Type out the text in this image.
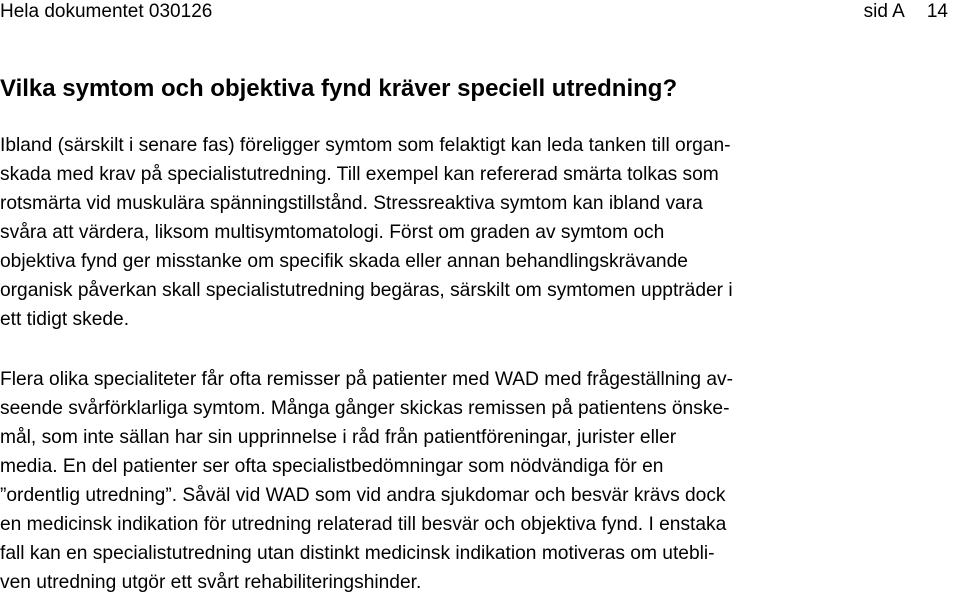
Hela dokumentet 030126	sid A 14
Vilka symtom och objektiva fynd kräver speciell utredning?

Ibland (särskilt i senare fas) föreligger symtom som felaktigt kan leda tanken till organ-
skada med krav på specialistutredning. Till exempel kan refererad smärta tolkas som
rotsmärta vid muskulära spänningstillstånd. Stressreaktiva symtom kan ibland vara
svåra att värdera, liksom multisymtomatologi. Först om graden av symtom och
objektiva fynd ger misstanke om specifik skada eller annan behandlingskrävande
organisk påverkan skall specialistutredning begäras, särskilt om symtomen uppträder i
ett tidigt skede.

Flera olika specialiteter får ofta remisser på patienter med WAD med frågeställning av-
seende svårförklarliga symtom. Många gånger skickas remissen på patientens önske-
mål, som inte sällan har sin upprinnelse i råd från patientföreningar, jurister eller
media. En del patienter ser ofta specialistbedömningar som nödvändiga för en
”ordentlig utredning”. Såväl vid WAD som vid andra sjukdomar och besvär krävs dock
en medicinsk indikation för utredning relaterad till besvär och objektiva fynd. I enstaka
fall kan en specialistutredning utan distinkt medicinsk indikation motiveras om utebli-
ven utredning utgör ett svårt rehabiliteringshinder.
